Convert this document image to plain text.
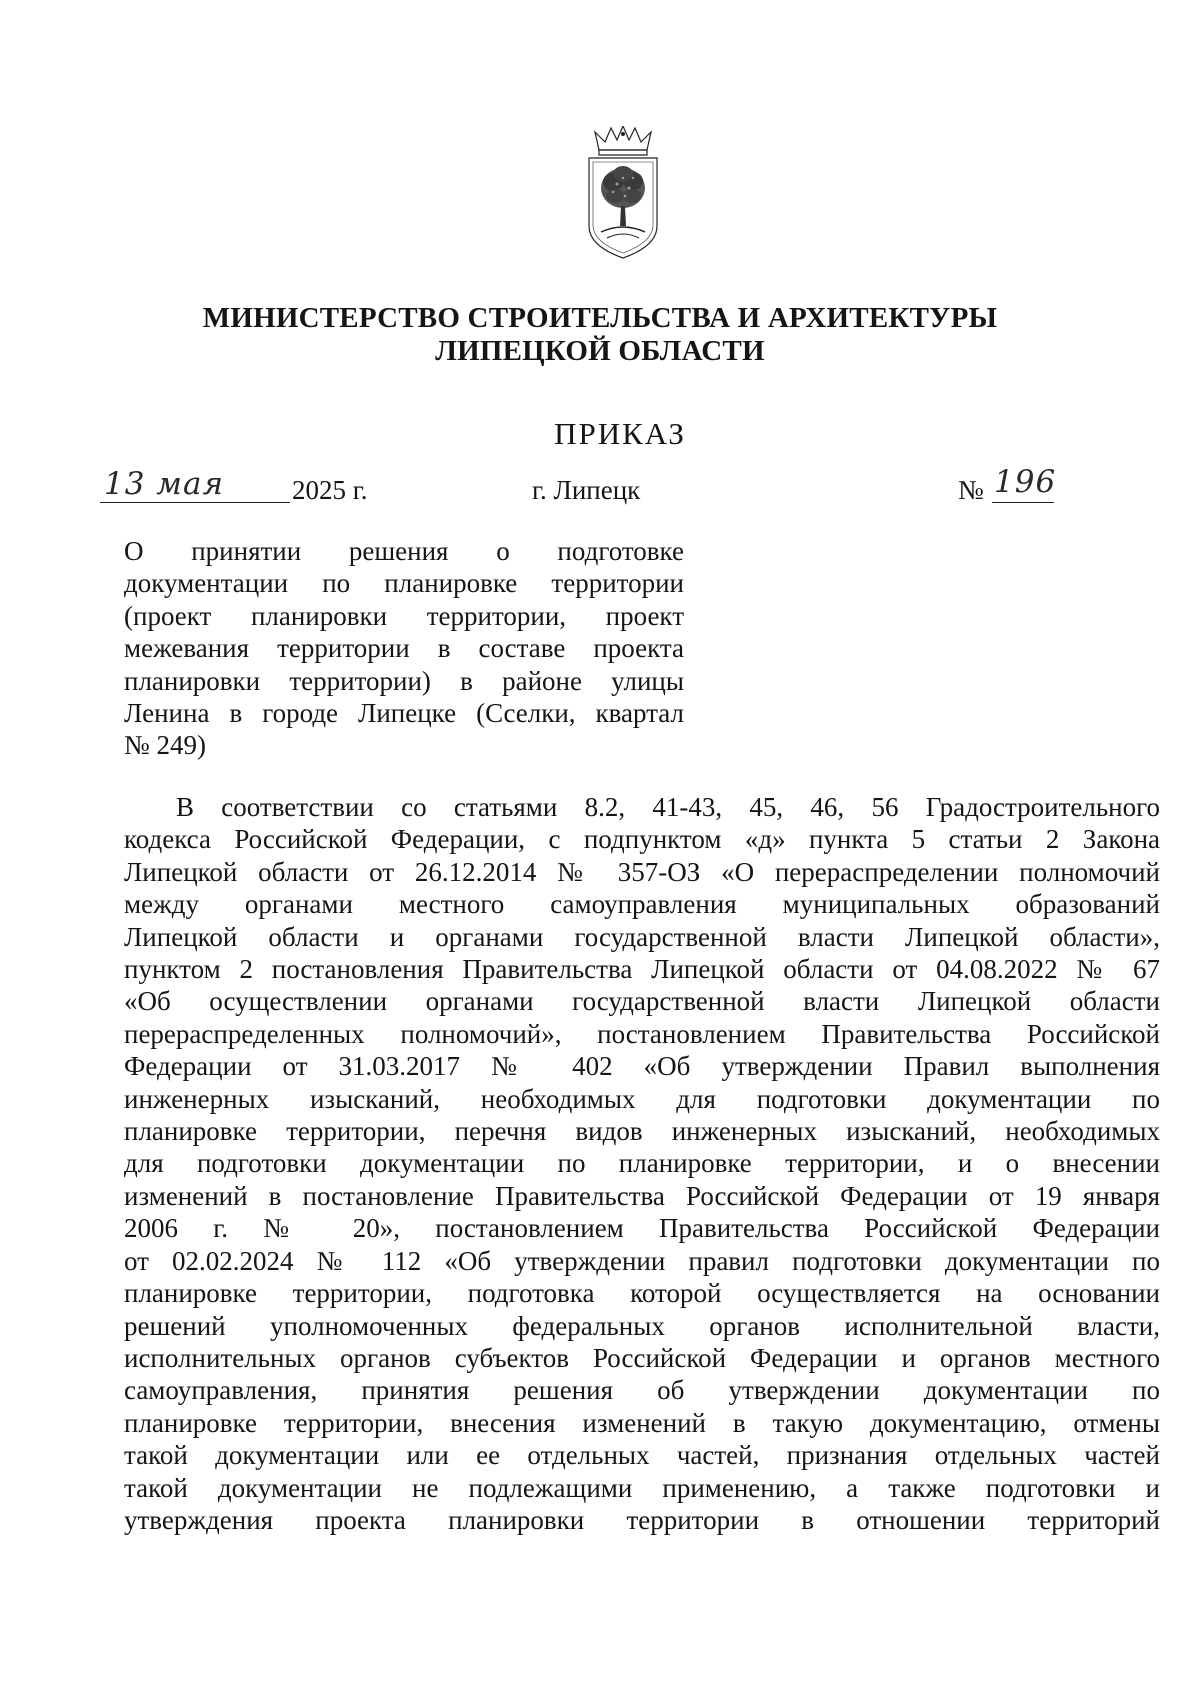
МИНИСТЕРСТВО СТРОИТЕЛЬСТВА И АРХИТЕКТУРЫ
ЛИПЕЦКОЙ ОБЛАСТИ
ПРИКАЗ
13 мая	2025 г.	г. Липецк	№ 196
О принятии решения о подготовке
документации по планировке территории
(проект планировки территории, проект
межевания территории в составе проекта
планировки территории) в районе улицы
Ленина в городе Липецке (Сселки, квартал
№ 249)
В соответствии со статьями 8.2, 41-43, 45, 46, 56 Градостроительного
кодекса Российской Федерации, с подпунктом «д» пункта 5 статьи 2 Закона
Липецкой области от 26.12.2014 № 357-ОЗ «О перераспределении полномочий
между органами местного самоуправления муниципальных образований
Липецкой области и органами государственной власти Липецкой области»,
пунктом 2 постановления Правительства Липецкой области от 04.08.2022 № 67
«Об осуществлении органами государственной власти Липецкой области
перераспределенных полномочий», постановлением Правительства Российской
Федерации от 31.03.2017 № 402 «Об утверждении Правил выполнения
инженерных изысканий, необходимых для подготовки документации по
планировке территории, перечня видов инженерных изысканий, необходимых
для подготовки документации по планировке территории, и о внесении
изменений в постановление Правительства Российской Федерации от 19 января
2006 г. № 20», постановлением Правительства Российской Федерации
от 02.02.2024 № 112 «Об утверждении правил подготовки документации по
планировке территории, подготовка которой осуществляется на основании
решений уполномоченных федеральных органов исполнительной власти,
исполнительных органов субъектов Российской Федерации и органов местного
самоуправления, принятия решения об утверждении документации по
планировке территории, внесения изменений в такую документацию, отмены
такой документации или ее отдельных частей, признания отдельных частей
такой документации не подлежащими применению, а также подготовки и
утверждения проекта планировки территории в отношении территорий
